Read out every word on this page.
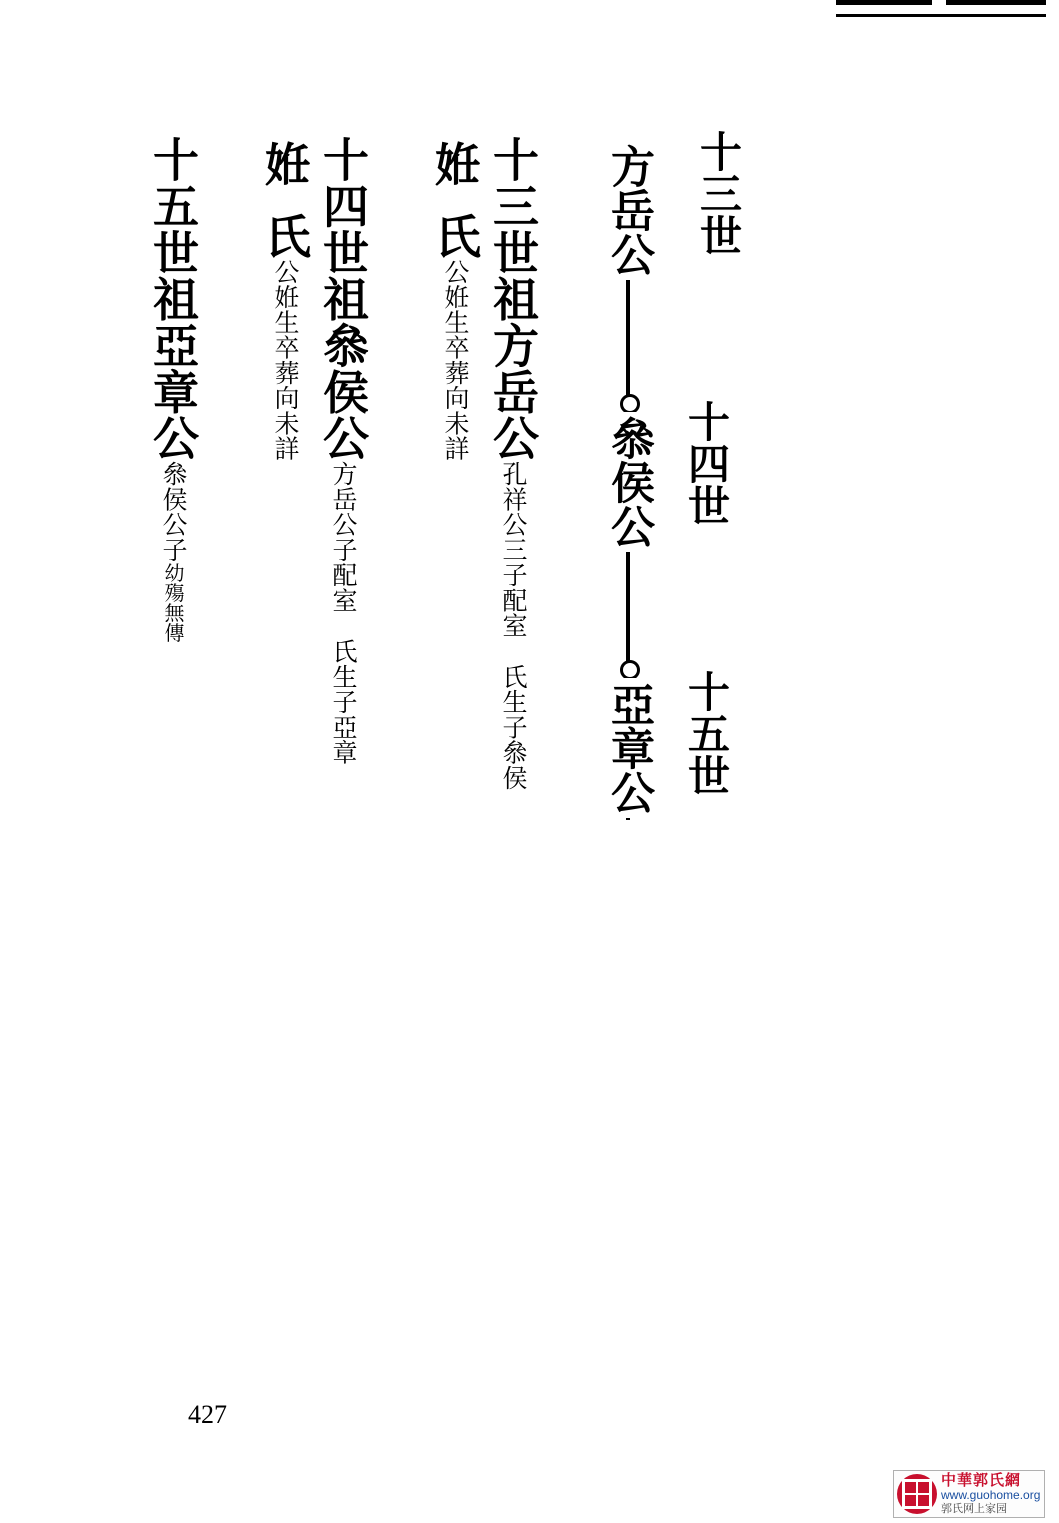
十三世
十四世
十五世
方岳公
叅侯公
亞章公
十三世祖方岳公孔祥公三子配室氏生子叅侯
姙氏公姙生卒葬向未詳
十四世祖叅侯公方岳公子配室氏生子亞章
姙氏公姙生卒葬向未詳
十五世祖亞章公叅侯公子幼殤無傳
427
中華郭氏網
www.guohome.org
郭氏网上家园
